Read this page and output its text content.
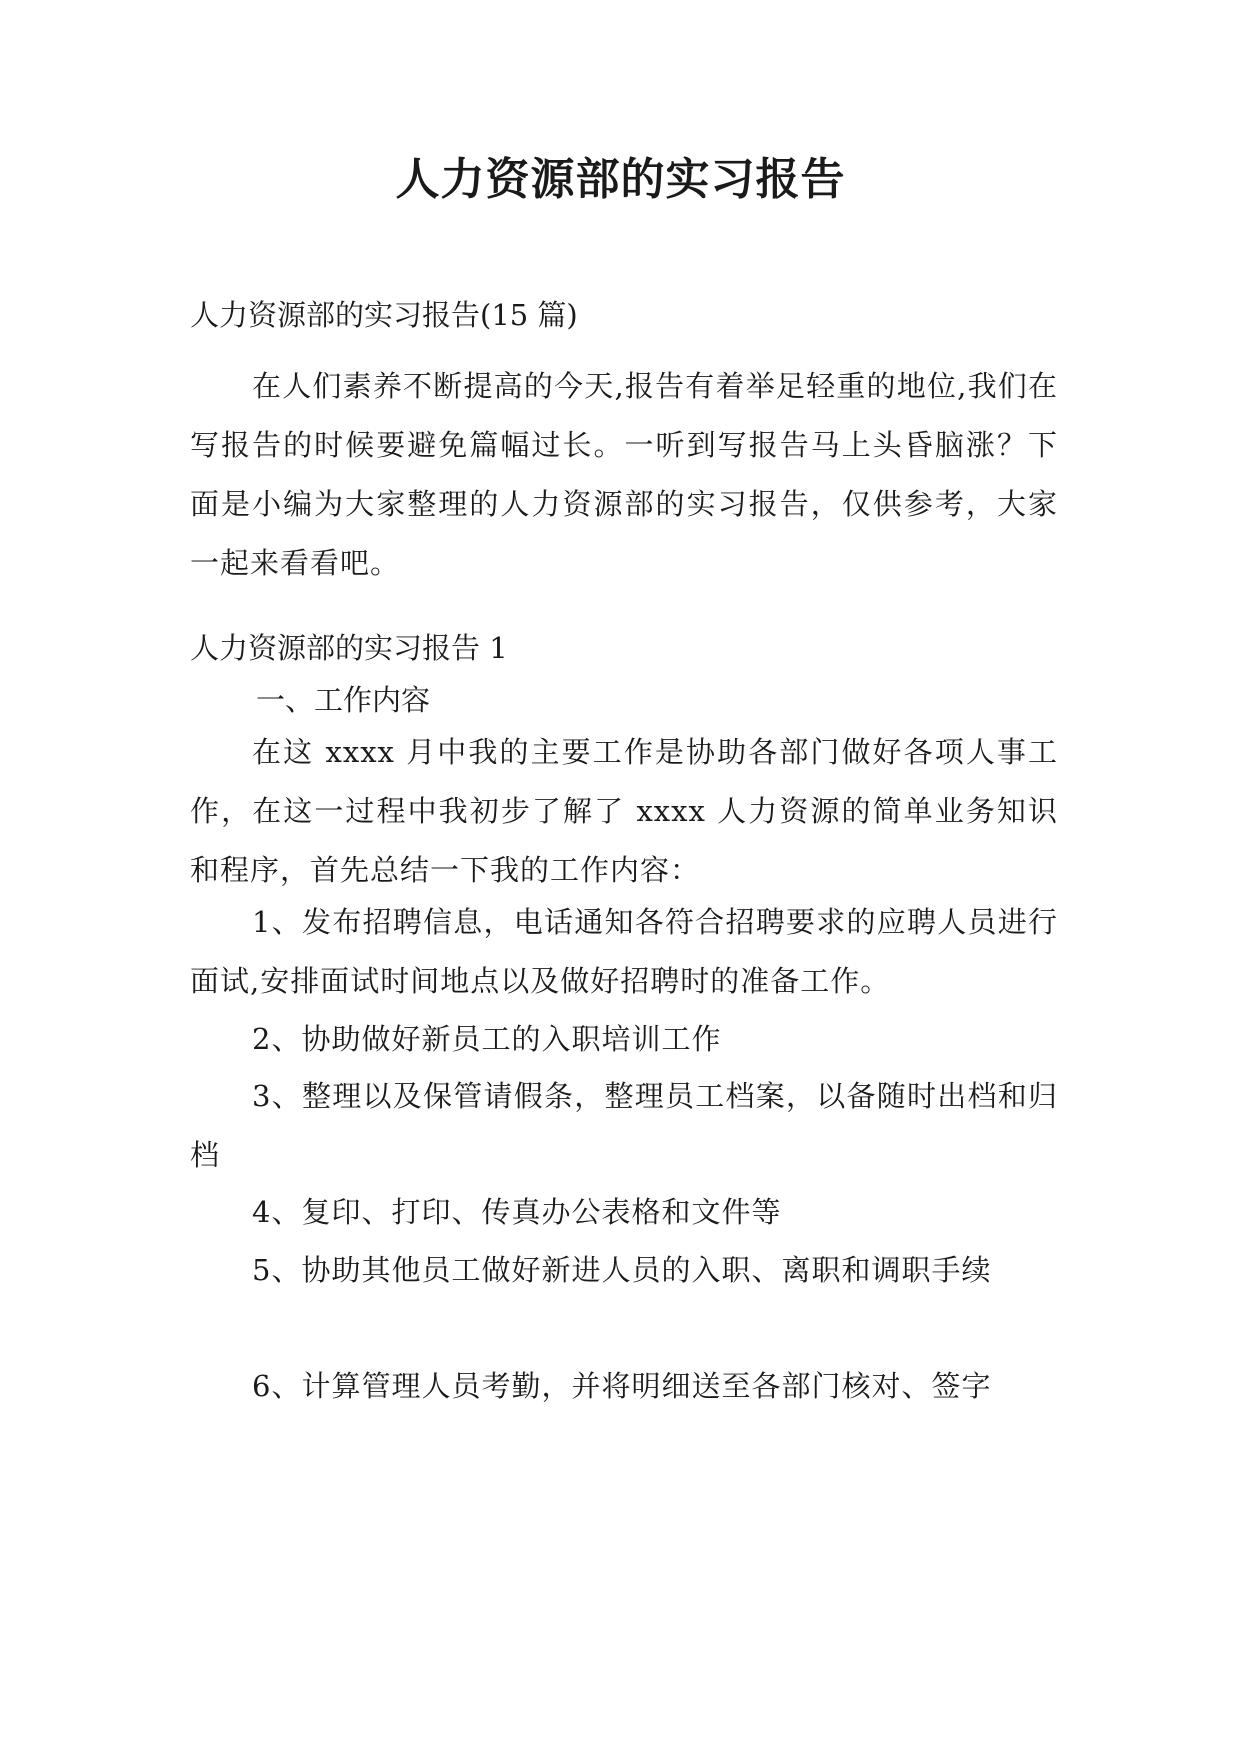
人力资源部的实习报告

人力资源部的实习报告(15 篇)

在人们素养不断提高的今天,报告有着举足轻重的地位,我们在写报告的时候要避免篇幅过长。一听到写报告马上头昏脑涨？下面是小编为大家整理的人力资源部的实习报告，仅供参考，大家一起来看看吧。

人力资源部的实习报告 1

一、工作内容

在这 xxxx 月中我的主要工作是协助各部门做好各项人事工作，在这一过程中我初步了解了 xxxx 人力资源的简单业务知识和程序，首先总结一下我的工作内容：

1、发布招聘信息，电话通知各符合招聘要求的应聘人员进行面试,安排面试时间地点以及做好招聘时的准备工作。

2、协助做好新员工的入职培训工作

3、整理以及保管请假条，整理员工档案，以备随时出档和归档

4、复印、打印、传真办公表格和文件等

5、协助其他员工做好新进人员的入职、离职和调职手续

6、计算管理人员考勤，并将明细送至各部门核对、签字
